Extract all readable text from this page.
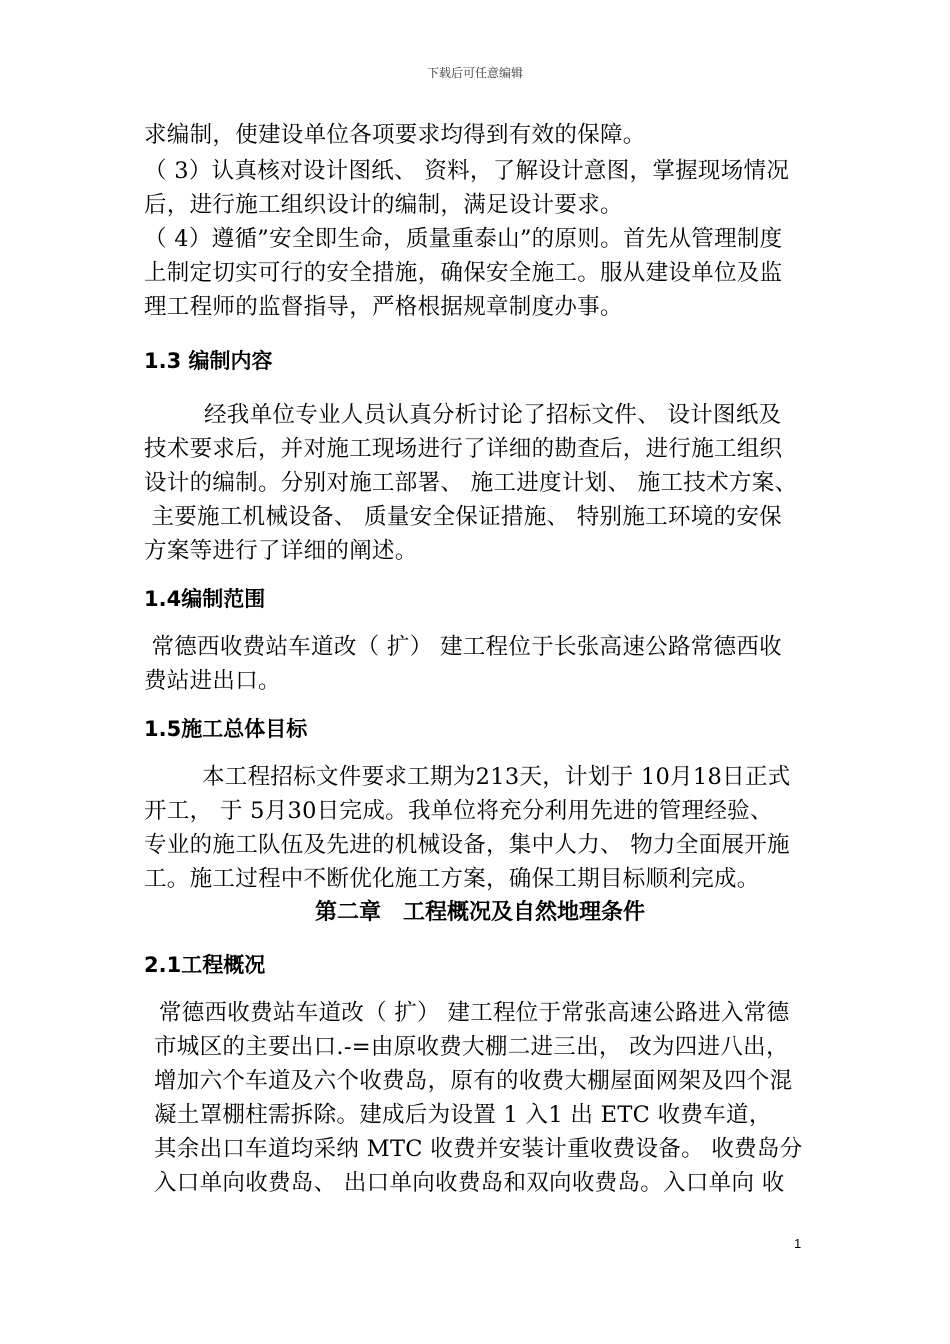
下载后可任意编辑

求编制，使建设单位各项要求均得到有效的保障。

（ 3）认真核对设计图纸、 资料，了解设计意图，掌握现场情况
后，进行施工组织设计的编制，满足设计要求。

（ 4）遵循”安全即生命，质量重泰山”的原则。首先从管理制度
上制定切实可行的安全措施，确保安全施工。服从建设单位及监
理工程师的监督指导，严格根据规章制度办事。

1.3 编制内容

经我单位专业人员认真分析讨论了招标文件、 设计图纸及
技术要求后，并对施工现场进行了详细的勘查后，进行施工组织
设计的编制。分别对施工部署、 施工进度计划、 施工技术方案、
主要施工机械设备、 质量安全保证措施、 特别施工环境的安保
方案等进行了详细的阐述。

1.4编制范围

常德西收费站车道改（ 扩） 建工程位于长张高速公路常德西收
费站进出口。

1.5施工总体目标

本工程招标文件要求工期为213天，计划于 10月18日正式
开工， 于 5月30日完成。我单位将充分利用先进的管理经验、
专业的施工队伍及先进的机械设备，集中人力、 物力全面展开施
工。施工过程中不断优化施工方案，确保工期目标顺利完成。

第二章　工程概况及自然地理条件

2.1工程概况

常德西收费站车道改（ 扩） 建工程位于常张高速公路进入常德
市城区的主要出口.-=由原收费大棚二进三出， 改为四进八出，
增加六个车道及六个收费岛，原有的收费大棚屋面网架及四个混
凝土罩棚柱需拆除。建成后为设置 1 入1 出 ETC 收费车道，
其余出口车道均采纳 MTC 收费并安装计重收费设备。 收费岛分
入口单向收费岛、 出口单向收费岛和双向收费岛。入口单向 收

1
